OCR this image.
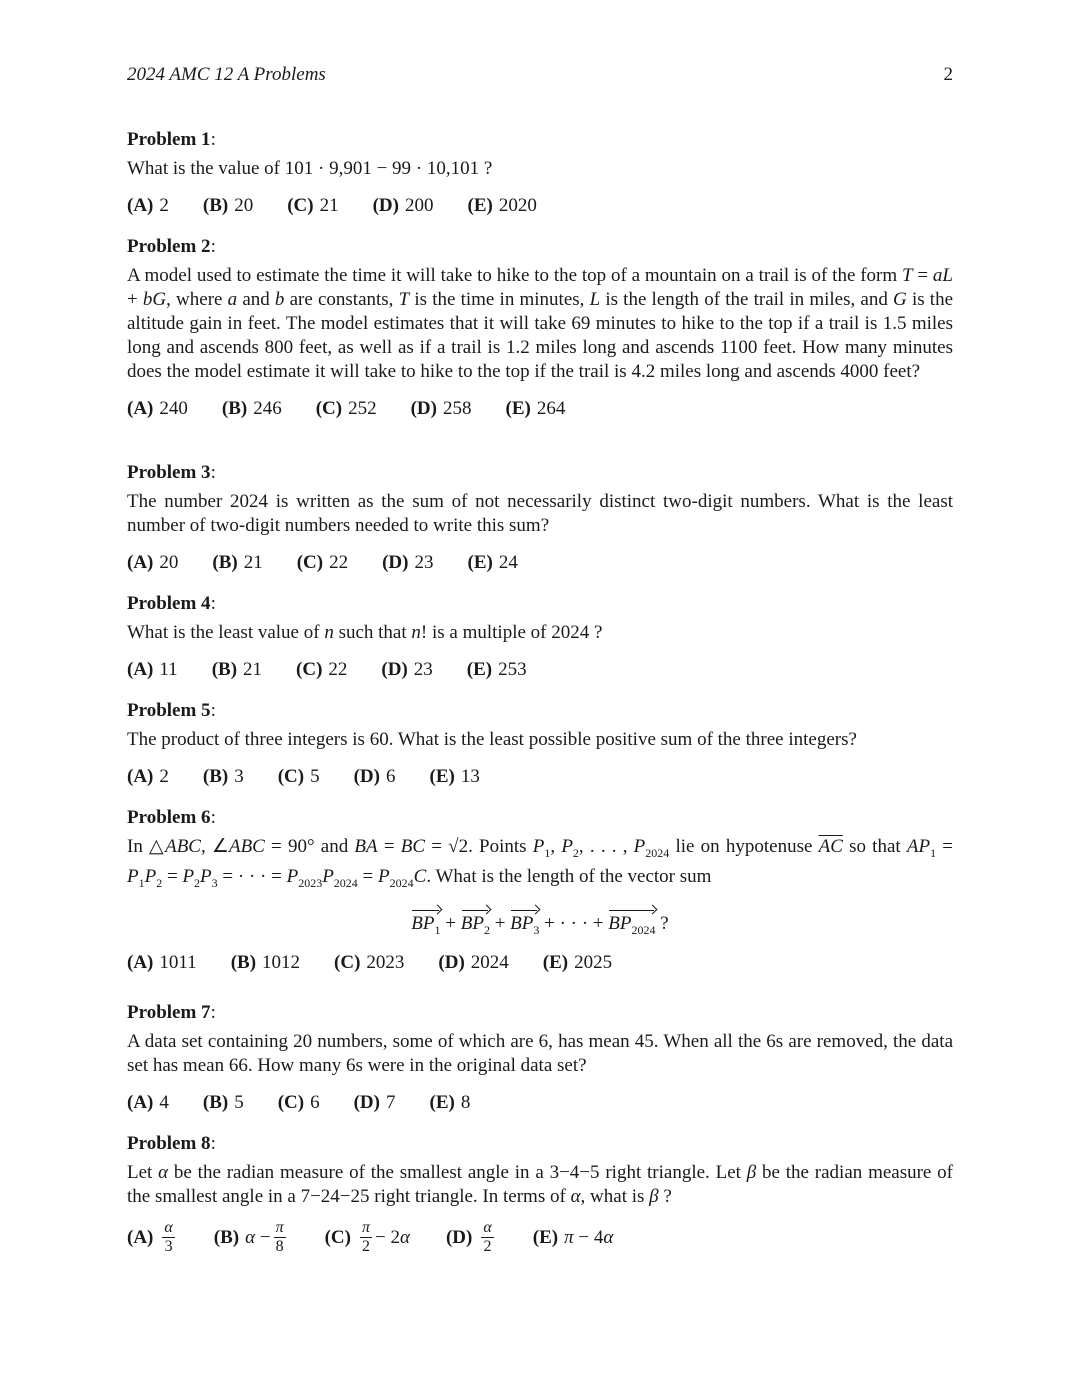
2024 AMC 12 A Problems	2

Problem 1:

What is the value of 101 · 9,901 − 99 · 10,101 ?

(A) 2 (B) 20 (C) 21 (D) 200 (E) 2020

Problem 2:

A model used to estimate the time it will take to hike to the top of a mountain on a trail is of the form T = aL + bG, where a and b are constants, T is the time in minutes, L is the length of the trail in miles, and G is the altitude gain in feet. The model estimates that it will take 69 minutes to hike to the top if a trail is 1.5 miles long and ascends 800 feet, as well as if a trail is 1.2 miles long and ascends 1100 feet. How many minutes does the model estimate it will take to hike to the top if the trail is 4.2 miles long and ascends 4000 feet?

(A) 240 (B) 246 (C) 252 (D) 258 (E) 264

Problem 3:

The number 2024 is written as the sum of not necessarily distinct two-digit numbers. What is the least number of two-digit numbers needed to write this sum?

(A) 20 (B) 21 (C) 22 (D) 23 (E) 24

Problem 4:

What is the least value of n such that n! is a multiple of 2024 ?

(A) 11 (B) 21 (C) 22 (D) 23 (E) 253

Problem 5:

The product of three integers is 60. What is the least possible positive sum of the three integers?

(A) 2 (B) 3 (C) 5 (D) 6 (E) 13

Problem 6:

In △ABC, ∠ABC = 90° and BA = BC = √2. Points $P_1$, $P_2$, . . . , $P_{2024}$ lie on hypotenuse $\overline{AC}$ so that $AP_1 = P_1P_2 = P_2P_3$ = · · · = $P_{2023}P_{2024} = P_{2024}C$. What is the length of the vector sum

$BP_1 + BP_2 + BP_3$ + · · · + $BP_{2024}$ ?
(A) 1011 (B) 1012 (C) 2023 (D) 2024 (E) 2025

Problem 7:

A data set containing 20 numbers, some of which are 6, has mean 45. When all the 6s are removed, the data set has mean 66. How many 6s were in the original data set?

(A) 4 (B) 5 (C) 6 (D) 7 (E) 8

Problem 8:

Let α be the radian measure of the smallest angle in a 3−4−5 right triangle. Let β be the radian measure of the smallest angle in a 7−24−25 right triangle. In terms of α, what is β ?

$(A) \frac{\alpha}{3} (B) \alpha - \frac{\pi}{8} (C) \frac{\pi}{2} - 2\alpha$ $(D) \frac{\alpha}{2} (E) \pi - 4\alpha$
